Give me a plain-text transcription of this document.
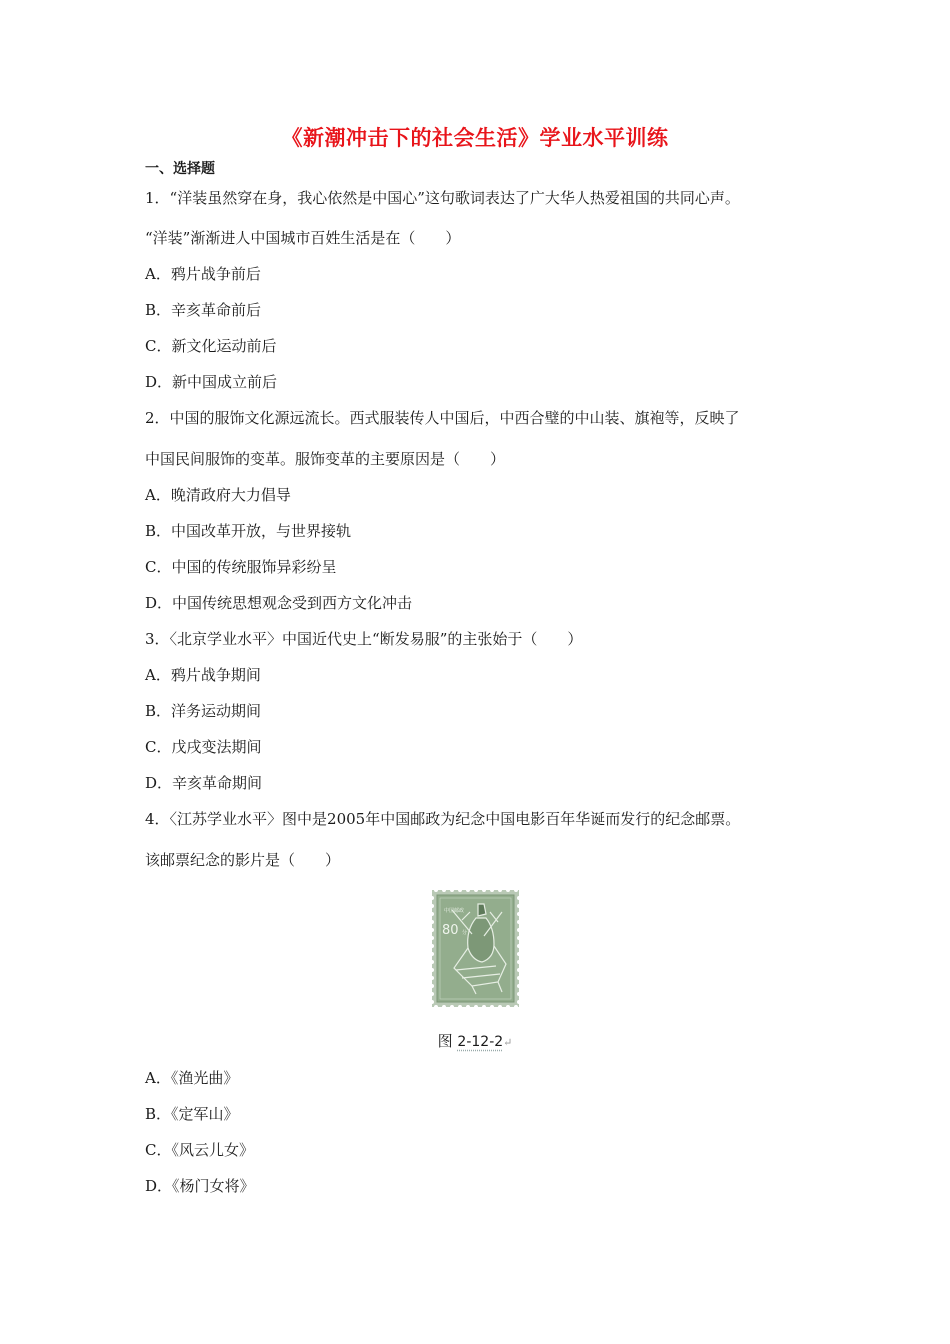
《新潮冲击下的社会生活》学业水平训练
一、选择题
1．“洋装虽然穿在身，我心依然是中国心”这句歌词表达了广大华人热爱祖国的共同心声。
“洋装”渐渐进人中国城市百姓生活是在（　　）
A．鸦片战争前后
B．辛亥革命前后
C．新文化运动前后
D．新中国成立前后
2．中国的服饰文化源远流长。西式服装传人中国后，中西合璧的中山装、旗袍等，反映了
中国民间服饰的变革。服饰变革的主要原因是（　　）
A．晚清政府大力倡导
B．中国改革开放，与世界接轨
C．中国的传统服饰异彩纷呈
D．中国传统思想观念受到西方文化冲击
3．〈北京学业水平〉中国近代史上“断发易服”的主张始于（　　）
A．鸦片战争期间
B．洋务运动期间
C．戊戌变法期间
D．辛亥革命期间
4．〈江苏学业水平〉图中是2005年中国邮政为纪念中国电影百年华诞而发行的纪念邮票。
该邮票纪念的影片是（　　）
中国邮政
80 分
图 2-12-2↵
A．《渔光曲》
B．《定军山》
C．《风云儿女》
D．《杨门女将》
